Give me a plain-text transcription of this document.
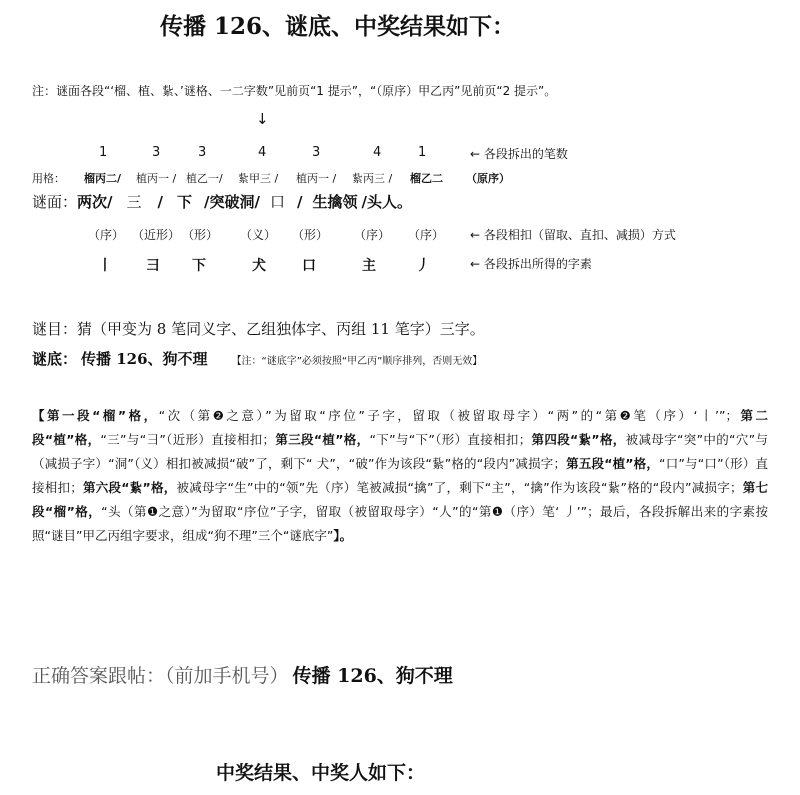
传播 126、谜底、中奖结果如下：
注：谜面各段“‘榴、植、紥、’谜格、一二字数”见前页“1 提示”，“（原序）甲乙丙”见前页“2 提示”。
↓
1	3	3	4	3	4	1	← 各段拆出的笔数
用格： 榴丙二/ 植丙一 / 植乙一/ 紥甲三 / 植丙一 / 紥丙三 / 榴乙二 （原序）
谜面：两次/ 三 / 下 /突破洞/ 口 / 生擒领 /头人。
（序） （近形） （形） （义） （形） （序） （序） ← 各段相扣（留取、直扣、减损）方式
丨 彐 下	犬	口	主	丿	← 各段拆出所得的字素
谜目：猜（甲变为 8 笔同义字、乙组独体字、丙组 11 笔字）三字。
谜底： 传播 126、狗不理 【注：“谜底字”必须按照“甲乙丙”顺序排列，否则无效】

【第一段“榴”格，“次（第❷之意）”为留取“序位”子字，留取（被留取母字）“两”的“第❷笔（序）‘丨’”；第二段“植”格，“三”与“彐”（近形）直接相扣；第三段“植”格，“下”与“下”（形）直接相扣；第四段“紥”格，被减母字“突”中的“穴”与（减损子字）“洞”（义）相扣被减损“破”了，剩下“ 犬”，“破”作为该段“紥”格的“段内”减损字；第五段“植”格，“口”与“口”（形）直接相扣；第六段“紥”格，被减母字“生”中的“领”先（序）笔被减损“擒”了，剩下“主”，“擒”作为该段“紥”格的“段内”减损字；第七段“榴”格，“头（第❶之意）”为留取“序位”子字，留取（被留取母字）“人”的“第❶（序）笔‘ 丿’”；最后，各段拆解出来的字素按照“谜目”甲乙丙组字要求，组成“狗不理”三个“谜底字”】。

正确答案跟帖：（前加手机号） 传播 126、狗不理
中奖结果、中奖人如下：
